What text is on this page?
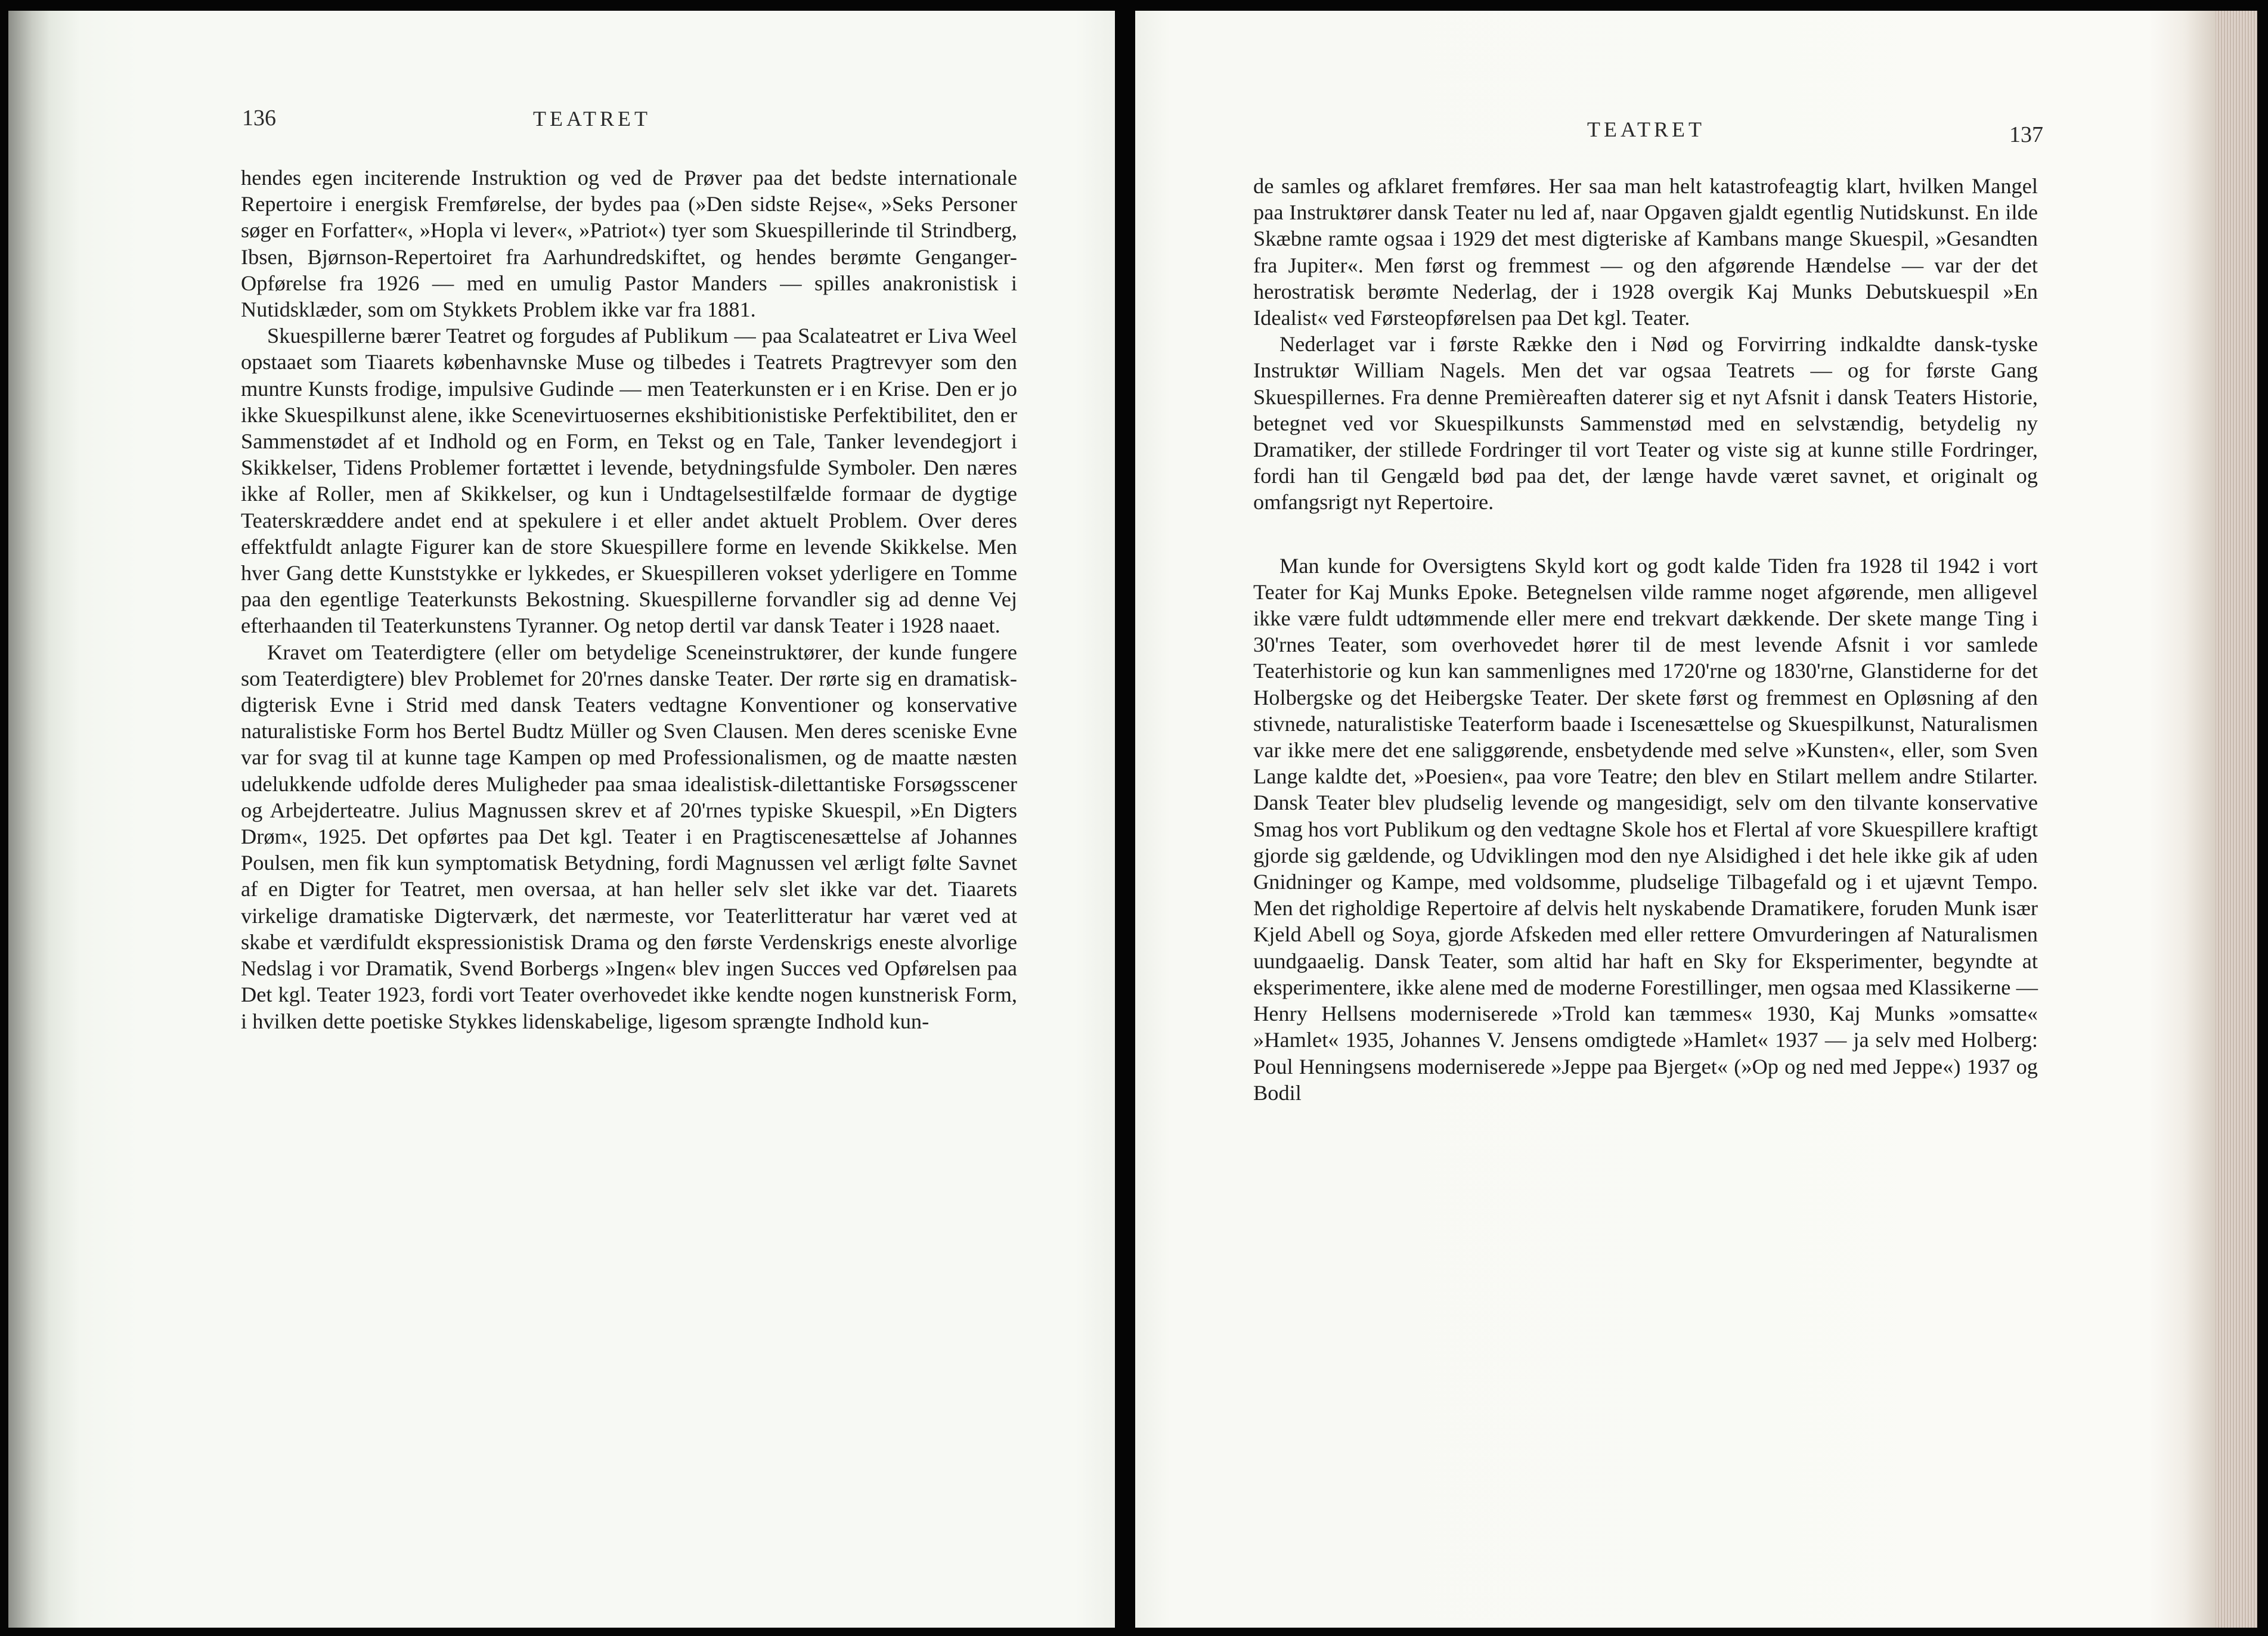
136	TEATRET

hendes egen inciterende Instruktion og ved de Prøver paa det bedste internationale Repertoire i energisk Fremførelse, der bydes paa (»Den sidste Rejse«, »Seks Personer søger en Forfatter«, »Hopla vi lever«, »Patriot«) tyer som Skuespillerinde til Strindberg, Ibsen, Bjørnson-Repertoiret fra Aarhundredskiftet, og hendes berømte Genganger-Opførelse fra 1926 — med en umulig Pastor Manders — spilles anakronistisk i Nutidsklæder, som om Stykkets Problem ikke var fra 1881.

Skuespillerne bærer Teatret og forgudes af Publikum — paa Scalateatret er Liva Weel opstaaet som Tiaarets københavnske Muse og tilbedes i Teatrets Pragtrevyer som den muntre Kunsts frodige, impulsive Gudinde — men Teaterkunsten er i en Krise. Den er jo ikke Skuespilkunst alene, ikke Scenevirtuosernes ekshibitionistiske Perfektibilitet, den er Sammenstødet af et Indhold og en Form, en Tekst og en Tale, Tanker levendegjort i Skikkelser, Tidens Problemer fortættet i levende, betydningsfulde Symboler. Den næres ikke af Roller, men af Skikkelser, og kun i Undtagelsestilfælde formaar de dygtige Teaterskræddere andet end at spekulere i et eller andet aktuelt Problem. Over deres effektfuldt anlagte Figurer kan de store Skuespillere forme en levende Skikkelse. Men hver Gang dette Kunststykke er lykkedes, er Skuespilleren vokset yderligere en Tomme paa den egentlige Teaterkunsts Bekostning. Skuespillerne forvandler sig ad denne Vej efterhaanden til Teaterkunstens Tyranner. Og netop dertil var dansk Teater i 1928 naaet.

Kravet om Teaterdigtere (eller om betydelige Sceneinstruktører, der kunde fungere som Teaterdigtere) blev Problemet for 20'rnes danske Teater. Der rørte sig en dramatisk-digterisk Evne i Strid med dansk Teaters vedtagne Konventioner og konservative naturalistiske Form hos Bertel Budtz Müller og Sven Clausen. Men deres sceniske Evne var for svag til at kunne tage Kampen op med Professionalismen, og de maatte næsten udelukkende udfolde deres Muligheder paa smaa idealistisk-dilettantiske Forsøgsscener og Arbejderteatre. Julius Magnussen skrev et af 20'rnes typiske Skuespil, »En Digters Drøm«, 1925. Det opførtes paa Det kgl. Teater i en Pragtiscenesættelse af Johannes Poulsen, men fik kun symptomatisk Betydning, fordi Magnussen vel ærligt følte Savnet af en Digter for Teatret, men oversaa, at han heller selv slet ikke var det. Tiaarets virkelige dramatiske Digterværk, det nærmeste, vor Teaterlitteratur har været ved at skabe et værdifuldt ekspressionistisk Drama og den første Verdenskrigs eneste alvorlige Nedslag i vor Dramatik, Svend Borbergs »Ingen« blev ingen Succes ved Opførelsen paa Det kgl. Teater 1923, fordi vort Teater overhovedet ikke kendte nogen kunstnerisk Form, i hvilken dette poetiske Stykkes lidenskabelige, ligesom sprængte Indhold kun-

TEATRET	137

de samles og afklaret fremføres. Her saa man helt katastrofeagtig klart, hvilken Mangel paa Instruktører dansk Teater nu led af, naar Opgaven gjaldt egentlig Nutidskunst. En ilde Skæbne ramte ogsaa i 1929 det mest digteriske af Kambans mange Skuespil, »Gesandten fra Jupiter«. Men først og fremmest — og den afgørende Hændelse — var der det herostratisk berømte Nederlag, der i 1928 overgik Kaj Munks Debutskuespil »En Idealist« ved Førsteopførelsen paa Det kgl. Teater.

Nederlaget var i første Række den i Nød og Forvirring indkaldte dansk-tyske Instruktør William Nagels. Men det var ogsaa Teatrets — og for første Gang Skuespillernes. Fra denne Premièreaften daterer sig et nyt Afsnit i dansk Teaters Historie, betegnet ved vor Skuespilkunsts Sammenstød med en selvstændig, betydelig ny Dramatiker, der stillede Fordringer til vort Teater og viste sig at kunne stille Fordringer, fordi han til Gengæld bød paa det, der længe havde været savnet, et originalt og omfangsrigt nyt Repertoire.

Man kunde for Oversigtens Skyld kort og godt kalde Tiden fra 1928 til 1942 i vort Teater for Kaj Munks Epoke. Betegnelsen vilde ramme noget afgørende, men alligevel ikke være fuldt udtømmende eller mere end trekvart dækkende. Der skete mange Ting i 30'rnes Teater, som overhovedet hører til de mest levende Afsnit i vor samlede Teaterhistorie og kun kan sammenlignes med 1720'rne og 1830'rne, Glanstiderne for det Holbergske og det Heibergske Teater. Der skete først og fremmest en Opløsning af den stivnede, naturalistiske Teaterform baade i Iscenesættelse og Skuespilkunst, Naturalismen var ikke mere det ene saliggørende, ensbetydende med selve »Kunsten«, eller, som Sven Lange kaldte det, »Poesien«, paa vore Teatre; den blev en Stilart mellem andre Stilarter. Dansk Teater blev pludselig levende og mangesidigt, selv om den tilvante konservative Smag hos vort Publikum og den vedtagne Skole hos et Flertal af vore Skuespillere kraftigt gjorde sig gældende, og Udviklingen mod den nye Alsidighed i det hele ikke gik af uden Gnidninger og Kampe, med voldsomme, pludselige Tilbagefald og i et ujævnt Tempo. Men det righoldige Repertoire af delvis helt nyskabende Dramatikere, foruden Munk især Kjeld Abell og Soya, gjorde Afskeden med eller rettere Omvurderingen af Naturalismen uundgaaelig. Dansk Teater, som altid har haft en Sky for Eksperimenter, begyndte at eksperimentere, ikke alene med de moderne Forestillinger, men ogsaa med Klassikerne — Henry Hellsens moderniserede »Trold kan tæmmes« 1930, Kaj Munks »omsatte« »Hamlet« 1935, Johannes V. Jensens omdigtede »Hamlet« 1937 — ja selv med Holberg: Poul Henningsens moderniserede »Jeppe paa Bjerget« (»Op og ned med Jeppe«) 1937 og Bodil
